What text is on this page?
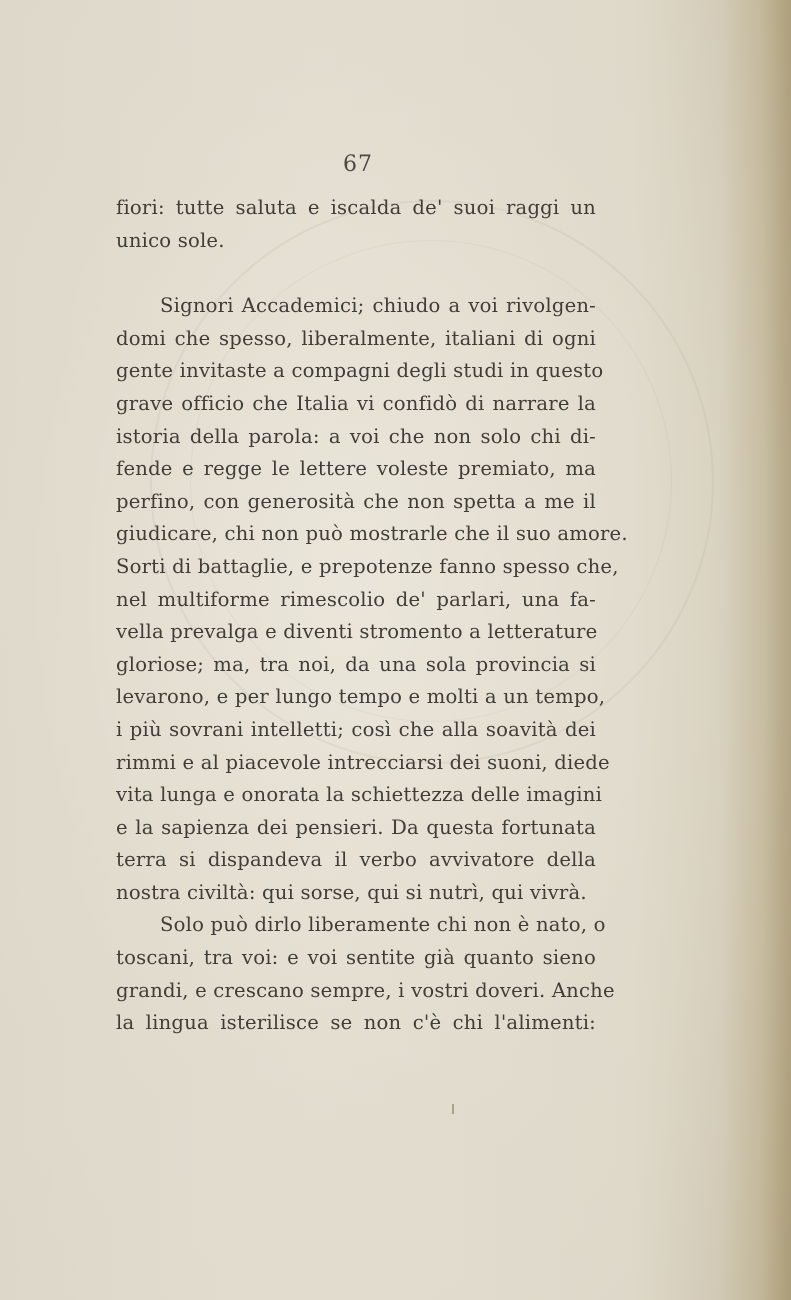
67
fiori: tutte saluta e iscalda de' suoi raggi un
unico sole.
Signori Accademici; chiudo a voi rivolgen-
domi che spesso, liberalmente, italiani di ogni
gente invitaste a compagni degli studi in questo
grave officio che Italia vi confidò di narrare la
istoria della parola: a voi che non solo chi di-
fende e regge le lettere voleste premiato, ma
perfino, con generosità che non spetta a me il
giudicare, chi non può mostrarle che il suo amore.
Sorti di battaglie, e prepotenze fanno spesso che,
nel multiforme rimescolio de' parlari, una fa-
vella prevalga e diventi stromento a letterature
gloriose; ma, tra noi, da una sola provincia si
levarono, e per lungo tempo e molti a un tempo,
i più sovrani intelletti; così che alla soavità dei
rimmi e al piacevole intrecciarsi dei suoni, diede
vita lunga e onorata la schiettezza delle imagini
e la sapienza dei pensieri. Da questa fortunata
terra si dispandeva il verbo avvivatore della
nostra civiltà: qui sorse, qui si nutrì, qui vivrà.
Solo può dirlo liberamente chi non è nato, o
toscani, tra voi: e voi sentite già quanto sieno
grandi, e crescano sempre, i vostri doveri. Anche
la lingua isterilisce se non c'è chi l'alimenti:
